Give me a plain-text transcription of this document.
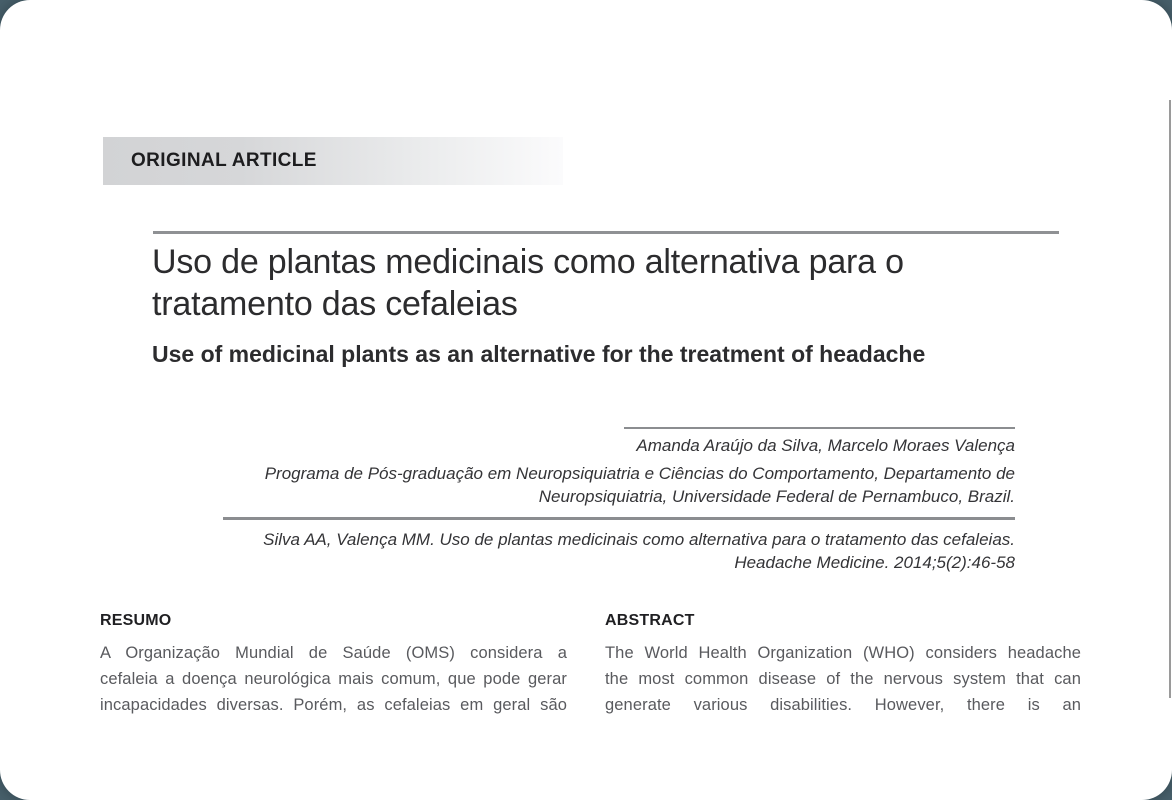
ORIGINAL ARTICLE
Uso de plantas medicinais como alternativa para o
tratamento das cefaleias
Use of medicinal plants as an alternative for the treatment of headache
Amanda Araújo da Silva, Marcelo Moraes Valença
Programa de Pós-graduação em Neuropsiquiatria e Ciências do Comportamento, Departamento de
Neuropsiquiatria, Universidade Federal de Pernambuco, Brazil.
Silva AA, Valença MM. Uso de plantas medicinais como alternativa para o tratamento das cefaleias.
Headache Medicine. 2014;5(2):46-58
RESUMO
A Organização Mundial de Saúde (OMS) considera a
cefaleia a doença neurológica mais comum, que pode gerar
incapacidades diversas. Porém, as cefaleias em geral são
ABSTRACT
The World Health Organization (WHO) considers headache
the most common disease of the nervous system that can
generate various disabilities. However, there is an
